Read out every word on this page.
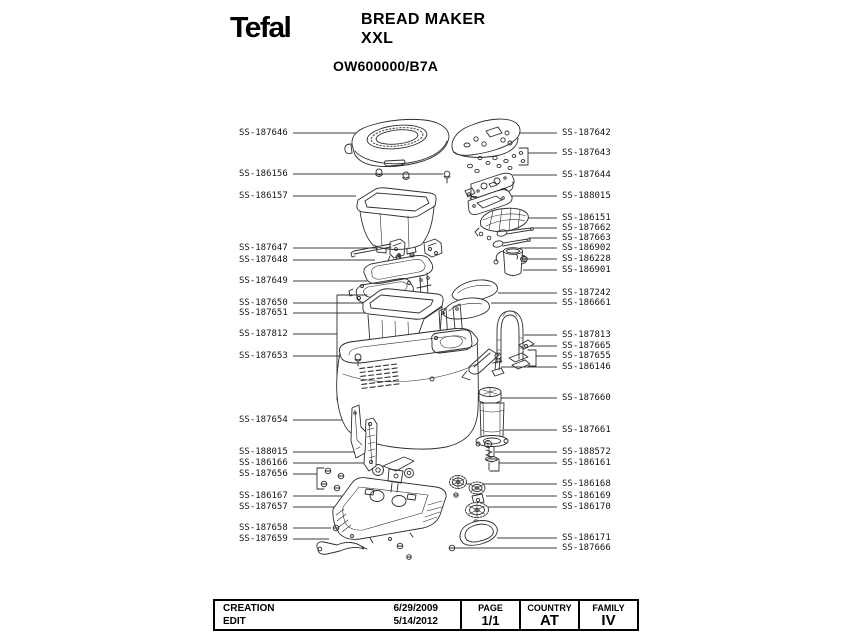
Tefal	BREAD MAKER
XXL
OW600000/B7A
SS-187646
SS-186156
SS-186157
SS-187647
SS-187648
SS-187649
SS-187650
SS-187651
SS-187812
SS-187653
SS-187654
SS-188015
SS-186166
SS-187656
SS-186167
SS-187657
SS-187658
SS-187659
SS-187642
SS-187643
SS-187644
SS-188015
SS-186151
SS-187662
SS-187663
SS-186902
SS-186228
SS-186901
SS-187242
SS-186661
SS-187813
SS-187665
SS-187655
SS-186146
SS-187660
SS-187661
SS-188572
SS-186161
SS-186168
SS-186169
SS-186170
SS-186171
SS-187666
CREATION	6/29/2009
EDIT	5/14/2012
PAGE
1/1
COUNTRY
AT
FAMILY
IV
